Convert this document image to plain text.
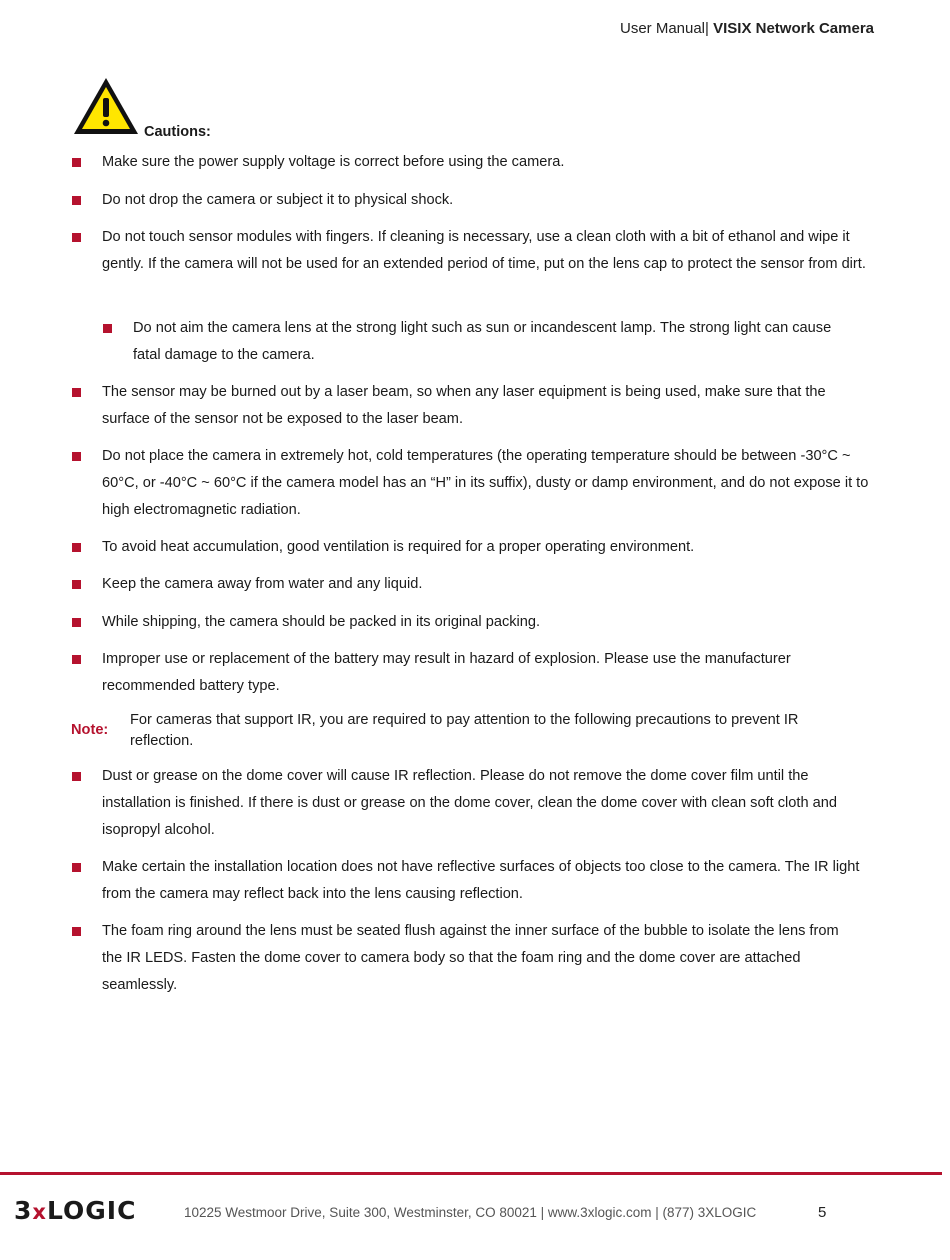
User Manual| VISIX Network Camera
Cautions:
Make sure the power supply voltage is correct before using the camera.
Do not drop the camera or subject it to physical shock.
Do not touch sensor modules with fingers. If cleaning is necessary, use a clean cloth with a bit of ethanol and wipe it gently. If the camera will not be used for an extended period of time, put on the lens cap to protect the sensor from dirt.
Do not aim the camera lens at the strong light such as sun or incandescent lamp. The strong light can cause fatal damage to the camera.
The sensor may be burned out by a laser beam, so when any laser equipment is being used, make sure that the surface of the sensor not be exposed to the laser beam.
Do not place the camera in extremely hot, cold temperatures (the operating temperature should be between -30°C ~ 60°C, or -40°C ~ 60°C if the camera model has an “H” in its suffix), dusty or damp environment, and do not expose it to high electromagnetic radiation.
To avoid heat accumulation, good ventilation is required for a proper operating environment.
Keep the camera away from water and any liquid.
While shipping, the camera should be packed in its original packing.
Improper use or replacement of the battery may result in hazard of explosion. Please use the manufacturer recommended battery type.
Note:
For cameras that support IR, you are required to pay attention to the following precautions to prevent IR reflection.
Dust or grease on the dome cover will cause IR reflection. Please do not remove the dome cover film until the installation is finished. If there is dust or grease on the dome cover, clean the dome cover with clean soft cloth and isopropyl alcohol.
Make certain the installation location does not have reflective surfaces of objects too close to the camera. The IR light from the camera may reflect back into the lens causing reflection.
The foam ring around the lens must be seated flush against the inner surface of the bubble to isolate the lens from the IR LEDS. Fasten the dome cover to camera body so that the foam ring and the dome cover are attached seamlessly.
3xLOGIC	10225 Westmoor Drive, Suite 300, Westminster, CO 80021 | www.3xlogic.com | (877) 3XLOGIC	5
